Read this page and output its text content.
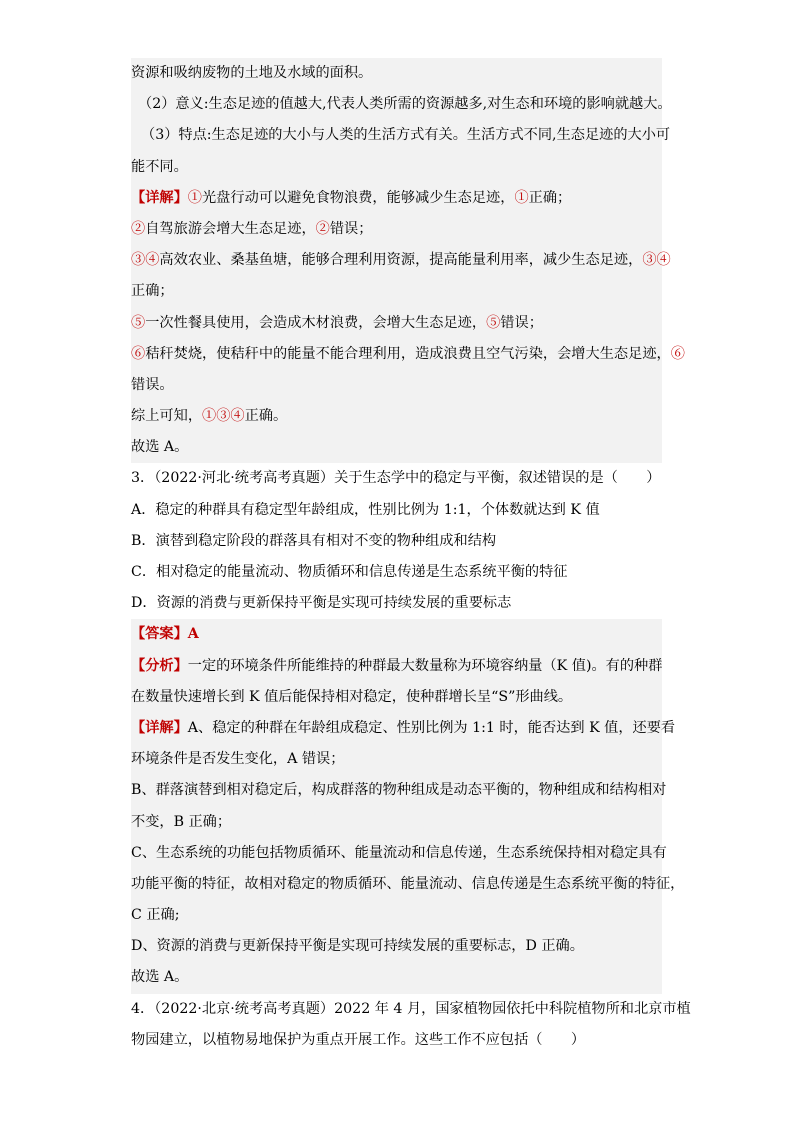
资源和吸纳废物的土地及水域的面积。
（2）意义:生态足迹的值越大,代表人类所需的资源越多,对生态和环境的影响就越大。
（3）特点:生态足迹的大小与人类的生活方式有关。生活方式不同,生态足迹的大小可
能不同。
【详解】①光盘行动可以避免食物浪费，能够减少生态足迹，①正确；
②自驾旅游会增大生态足迹，②错误；
③④高效农业、桑基鱼塘，能够合理利用资源，提高能量利用率，减少生态足迹，③④
正确；
⑤一次性餐具使用，会造成木材浪费，会增大生态足迹，⑤错误；
⑥秸秆焚烧，使秸秆中的能量不能合理利用，造成浪费且空气污染，会增大生态足迹，⑥
错误。
综上可知，①③④正确。
故选 A。
3．（2022·河北·统考高考真题）关于生态学中的稳定与平衡，叙述错误的是（　　）
A．稳定的种群具有稳定型年龄组成，性别比例为 1:1，个体数就达到 K 值
B．演替到稳定阶段的群落具有相对不变的物种组成和结构
C．相对稳定的能量流动、物质循环和信息传递是生态系统平衡的特征
D．资源的消费与更新保持平衡是实现可持续发展的重要标志
【答案】A
【分析】一定的环境条件所能维持的种群最大数量称为环境容纳量（K 值)。有的种群
在数量快速增长到 K 值后能保持相对稳定，使种群增长呈“S”形曲线。
【详解】A、稳定的种群在年龄组成稳定、性别比例为 1:1 时，能否达到 K 值，还要看
环境条件是否发生变化，A 错误；
B、群落演替到相对稳定后，构成群落的物种组成是动态平衡的，物种组成和结构相对
不变，B 正确；
C、生态系统的功能包括物质循环、能量流动和信息传递，生态系统保持相对稳定具有
功能平衡的特征，故相对稳定的物质循环、能量流动、信息传递是生态系统平衡的特征，
C 正确;
D、资源的消费与更新保持平衡是实现可持续发展的重要标志，D 正确。
故选 A。
4．（2022·北京·统考高考真题）2022 年 4 月，国家植物园依托中科院植物所和北京市植
物园建立，以植物易地保护为重点开展工作。这些工作不应包括（　　）
